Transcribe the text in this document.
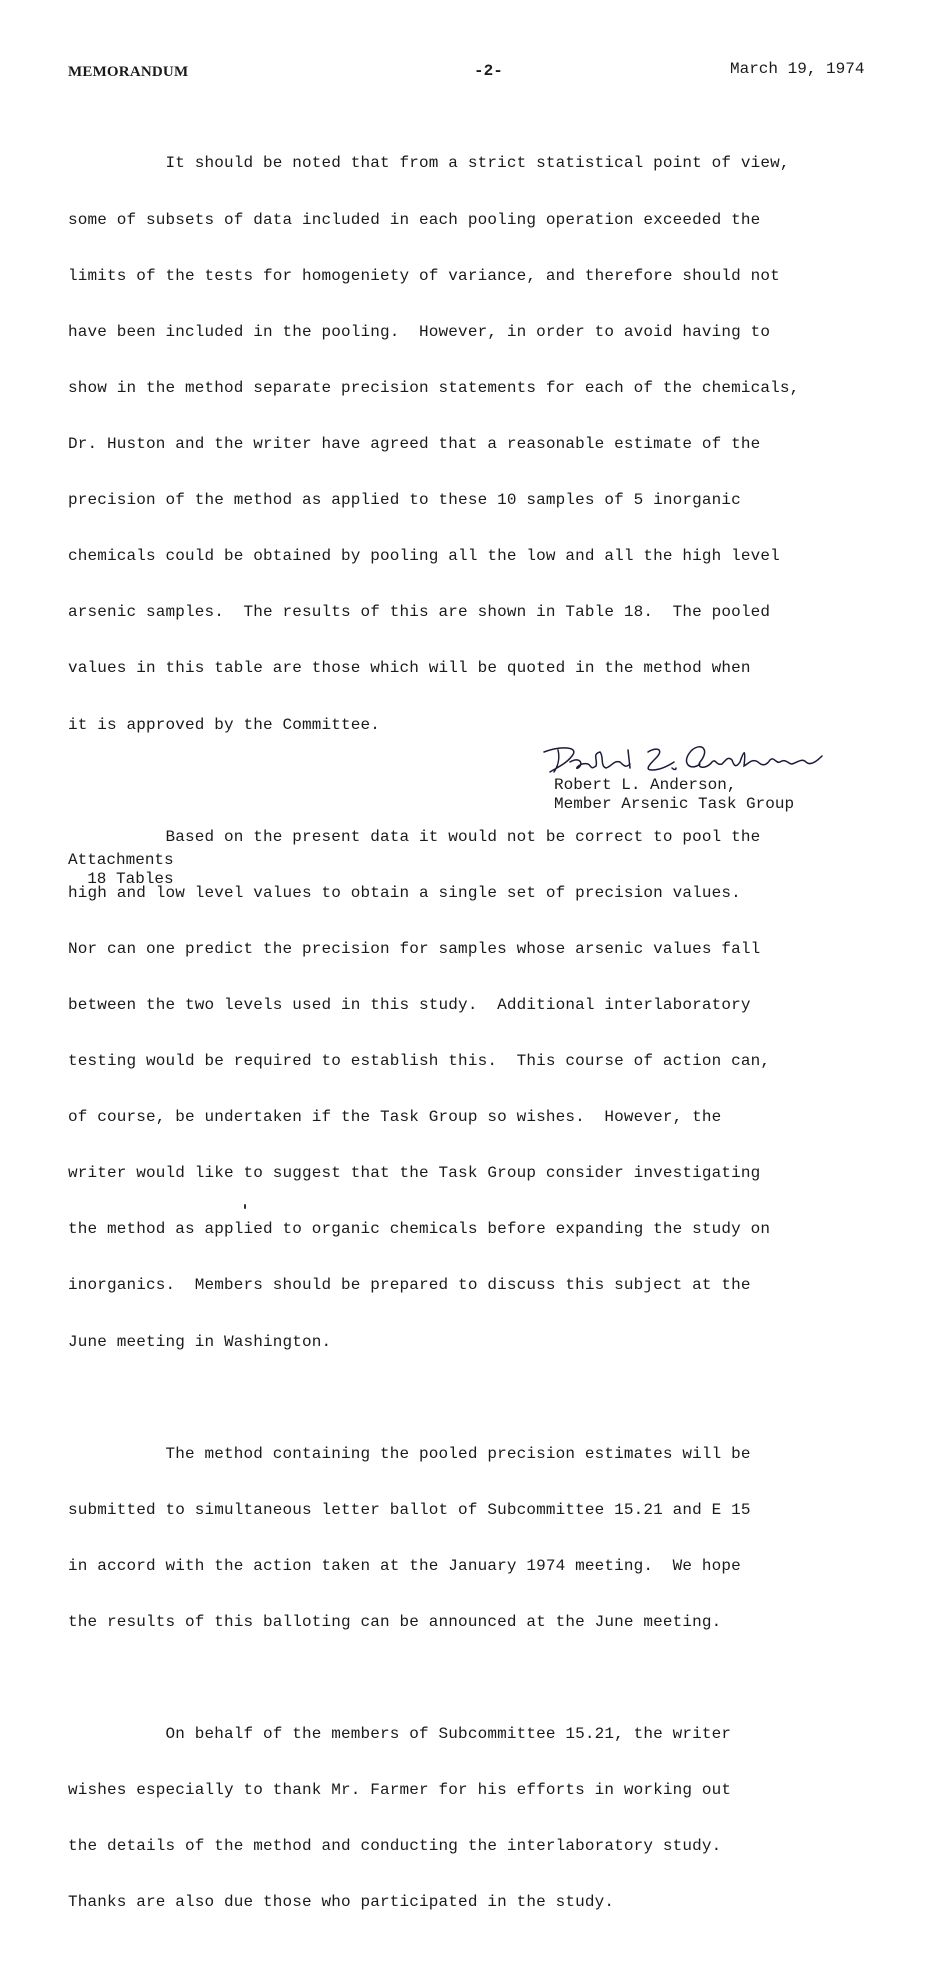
MEMORANDUM	-2-	March 19, 1974

It should be noted that from a strict statistical point of view,

some of subsets of data included in each pooling operation exceeded the

limits of the tests for homogeniety of variance, and therefore should not

have been included in the pooling.  However, in order to avoid having to

show in the method separate precision statements for each of the chemicals,

Dr. Huston and the writer have agreed that a reasonable estimate of the

precision of the method as applied to these 10 samples of 5 inorganic

chemicals could be obtained by pooling all the low and all the high level

arsenic samples.  The results of this are shown in Table 18.  The pooled

values in this table are those which will be quoted in the method when

it is approved by the Committee.

Based on the present data it would not be correct to pool the

high and low level values to obtain a single set of precision values.

Nor can one predict the precision for samples whose arsenic values fall

between the two levels used in this study.  Additional interlaboratory

testing would be required to establish this.  This course of action can,

of course, be undertaken if the Task Group so wishes.  However, the

writer would like to suggest that the Task Group consider investigating

the method as applied to organic chemicals before expanding the study on

inorganics.  Members should be prepared to discuss this subject at the

June meeting in Washington.

The method containing the pooled precision estimates will be

submitted to simultaneous letter ballot of Subcommittee 15.21 and E 15

in accord with the action taken at the January 1974 meeting.  We hope

the results of this balloting can be announced at the June meeting.

On behalf of the members of Subcommittee 15.21, the writer

wishes especially to thank Mr. Farmer for his efforts in working out

the details of the method and conducting the interlaboratory study.

Thanks are also due those who participated in the study.

Robert L. Anderson,
Member Arsenic Task Group
Attachments
18 Tables
